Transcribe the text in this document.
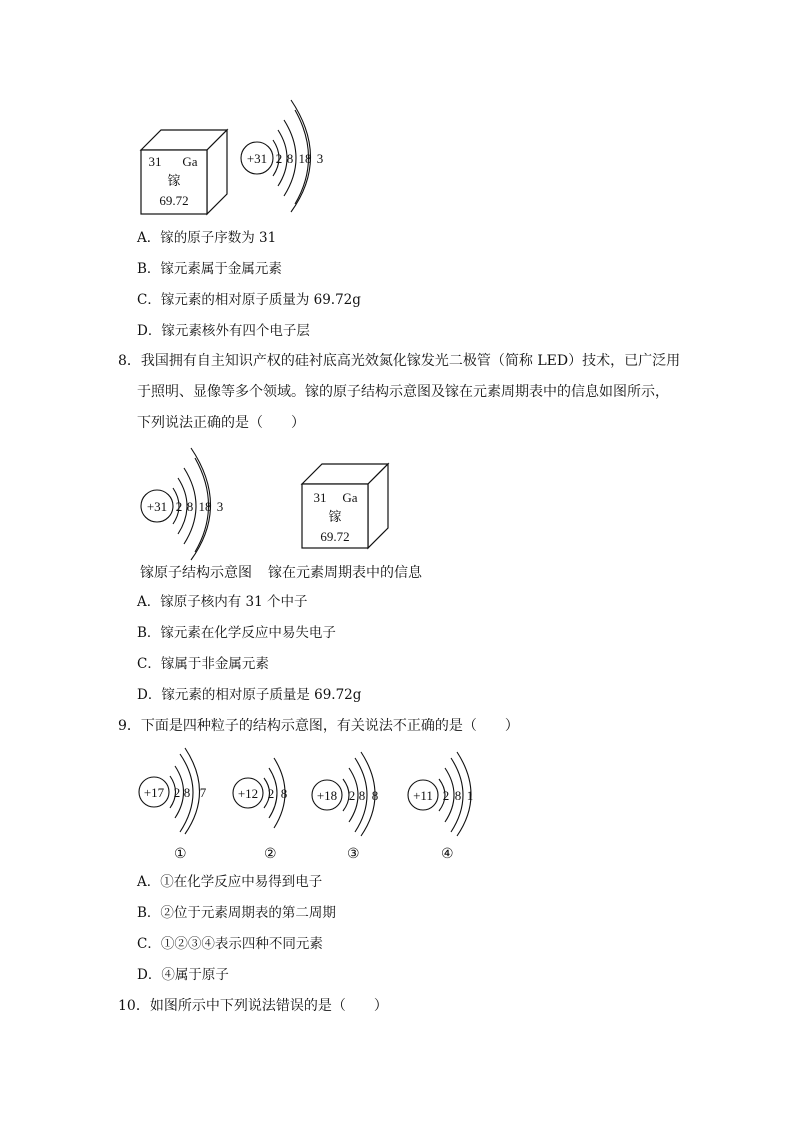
31 Ga
镓
69.72
+31 2 8 18 3
A．镓的原子序数为 31
B．镓元素属于金属元素
C．镓元素的相对原子质量为 69.72g
D．镓元素核外有四个电子层
8．我国拥有自主知识产权的硅衬底高光效氮化镓发光二极管（简称 LED）技术，已广泛用
于照明、显像等多个领域。镓的原子结构示意图及镓在元素周期表中的信息如图所示，
下列说法正确的是（　　）
+31 2 8 18 3
31 Ga
镓
69.72
镓原子结构示意图 镓在元素周期表中的信息
A．镓原子核内有 31 个中子
B．镓元素在化学反应中易失电子
C．镓属于非金属元素
D．镓元素的相对原子质量是 69.72g
9．下面是四种粒子的结构示意图，有关说法不正确的是（　　）
+17 2 8 7 +12 2 8 +18 2 8 8	+11 2 8 1
①	②	③	④
A．①在化学反应中易得到电子
B．②位于元素周期表的第二周期
C．①②③④表示四种不同元素
D．④属于原子
10．如图所示中下列说法错误的是（　　）
